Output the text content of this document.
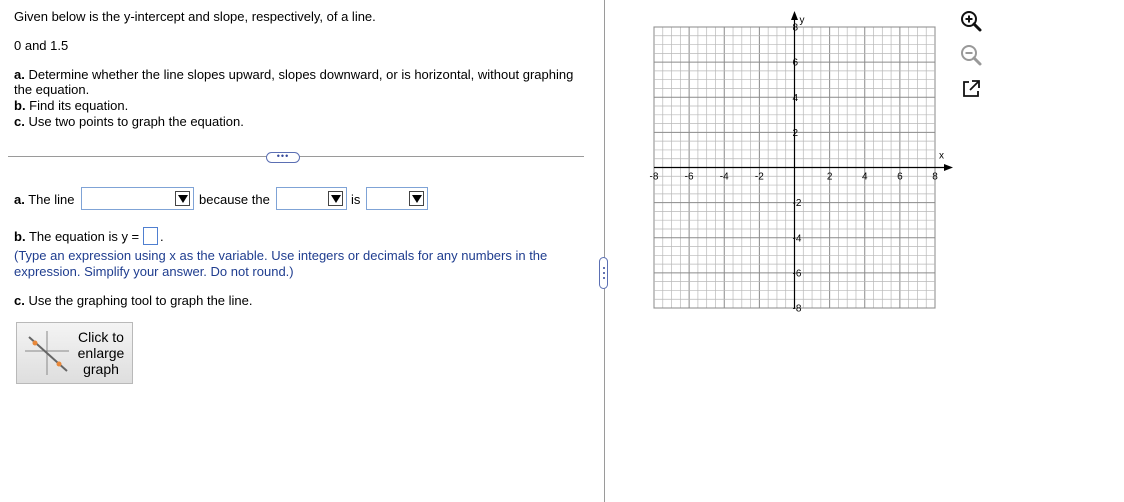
Given below is the y-intercept and slope, respectively, of a line.
0 and 1.5
a. Determine whether the line slopes upward, slopes downward, or is horizontal, without graphing
the equation.
b. Find its equation.
c. Use two points to graph the equation.
•••
a. The line	because the	is
b. The equation is y = .
(Type an expression using x as the variable. Use integers or decimals for any numbers in the
expression. Simplify your answer. Do not round.)
c. Use the graphing tool to graph the line.
Click to
enlarge
graph
x
y
-8	-6	-4	-2	2	4	6	8
8
6
4
2
-2
-4
-6
-8
